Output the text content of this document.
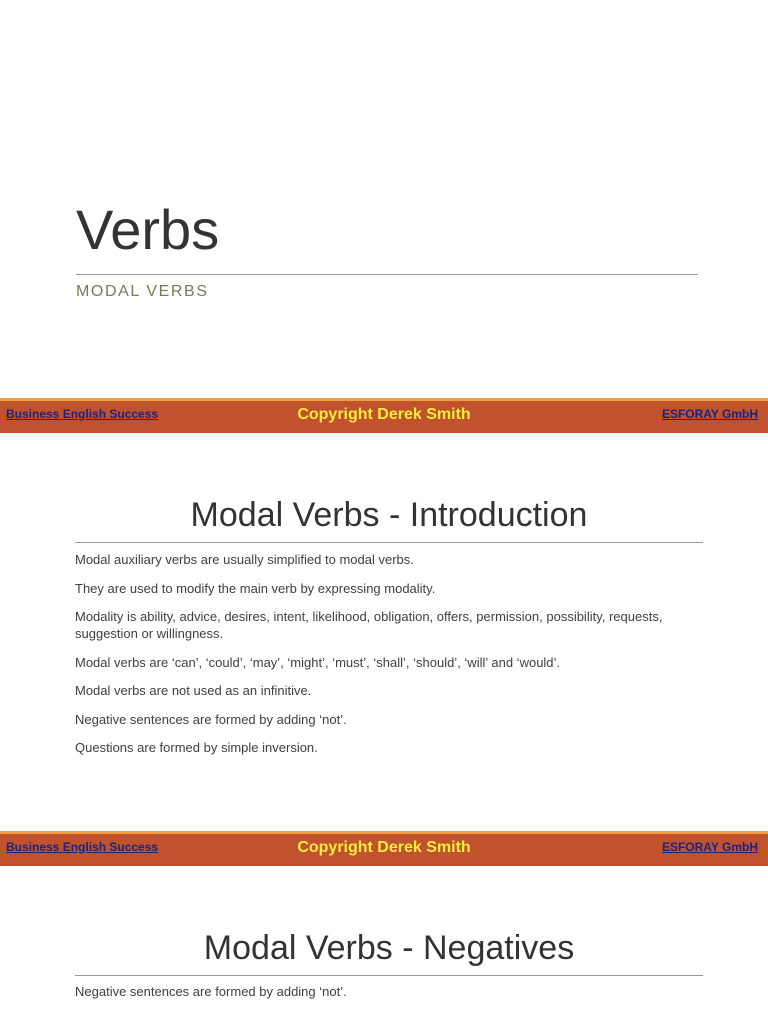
Verbs

MODAL VERBS

Business English Success	Copyright Derek Smith	ESFORAY GmbH
Modal Verbs - Introduction
Modal auxiliary verbs are usually simplified to modal verbs.
They are used to modify the main verb by expressing modality.
Modality is ability, advice, desires, intent, likelihood, obligation, offers, permission, possibility, requests, suggestion or willingness.
Modal verbs are ‘can’, ‘could’, ‘may’, ‘might’, ‘must’, ‘shall’, ‘should’, ‘will’ and ‘would’.
Modal verbs are not used as an infinitive.
Negative sentences are formed by adding ‘not’.
Questions are formed by simple inversion.
Business English Success	Copyright Derek Smith	ESFORAY GmbH
Modal Verbs - Negatives
Negative sentences are formed by adding ‘not’.
